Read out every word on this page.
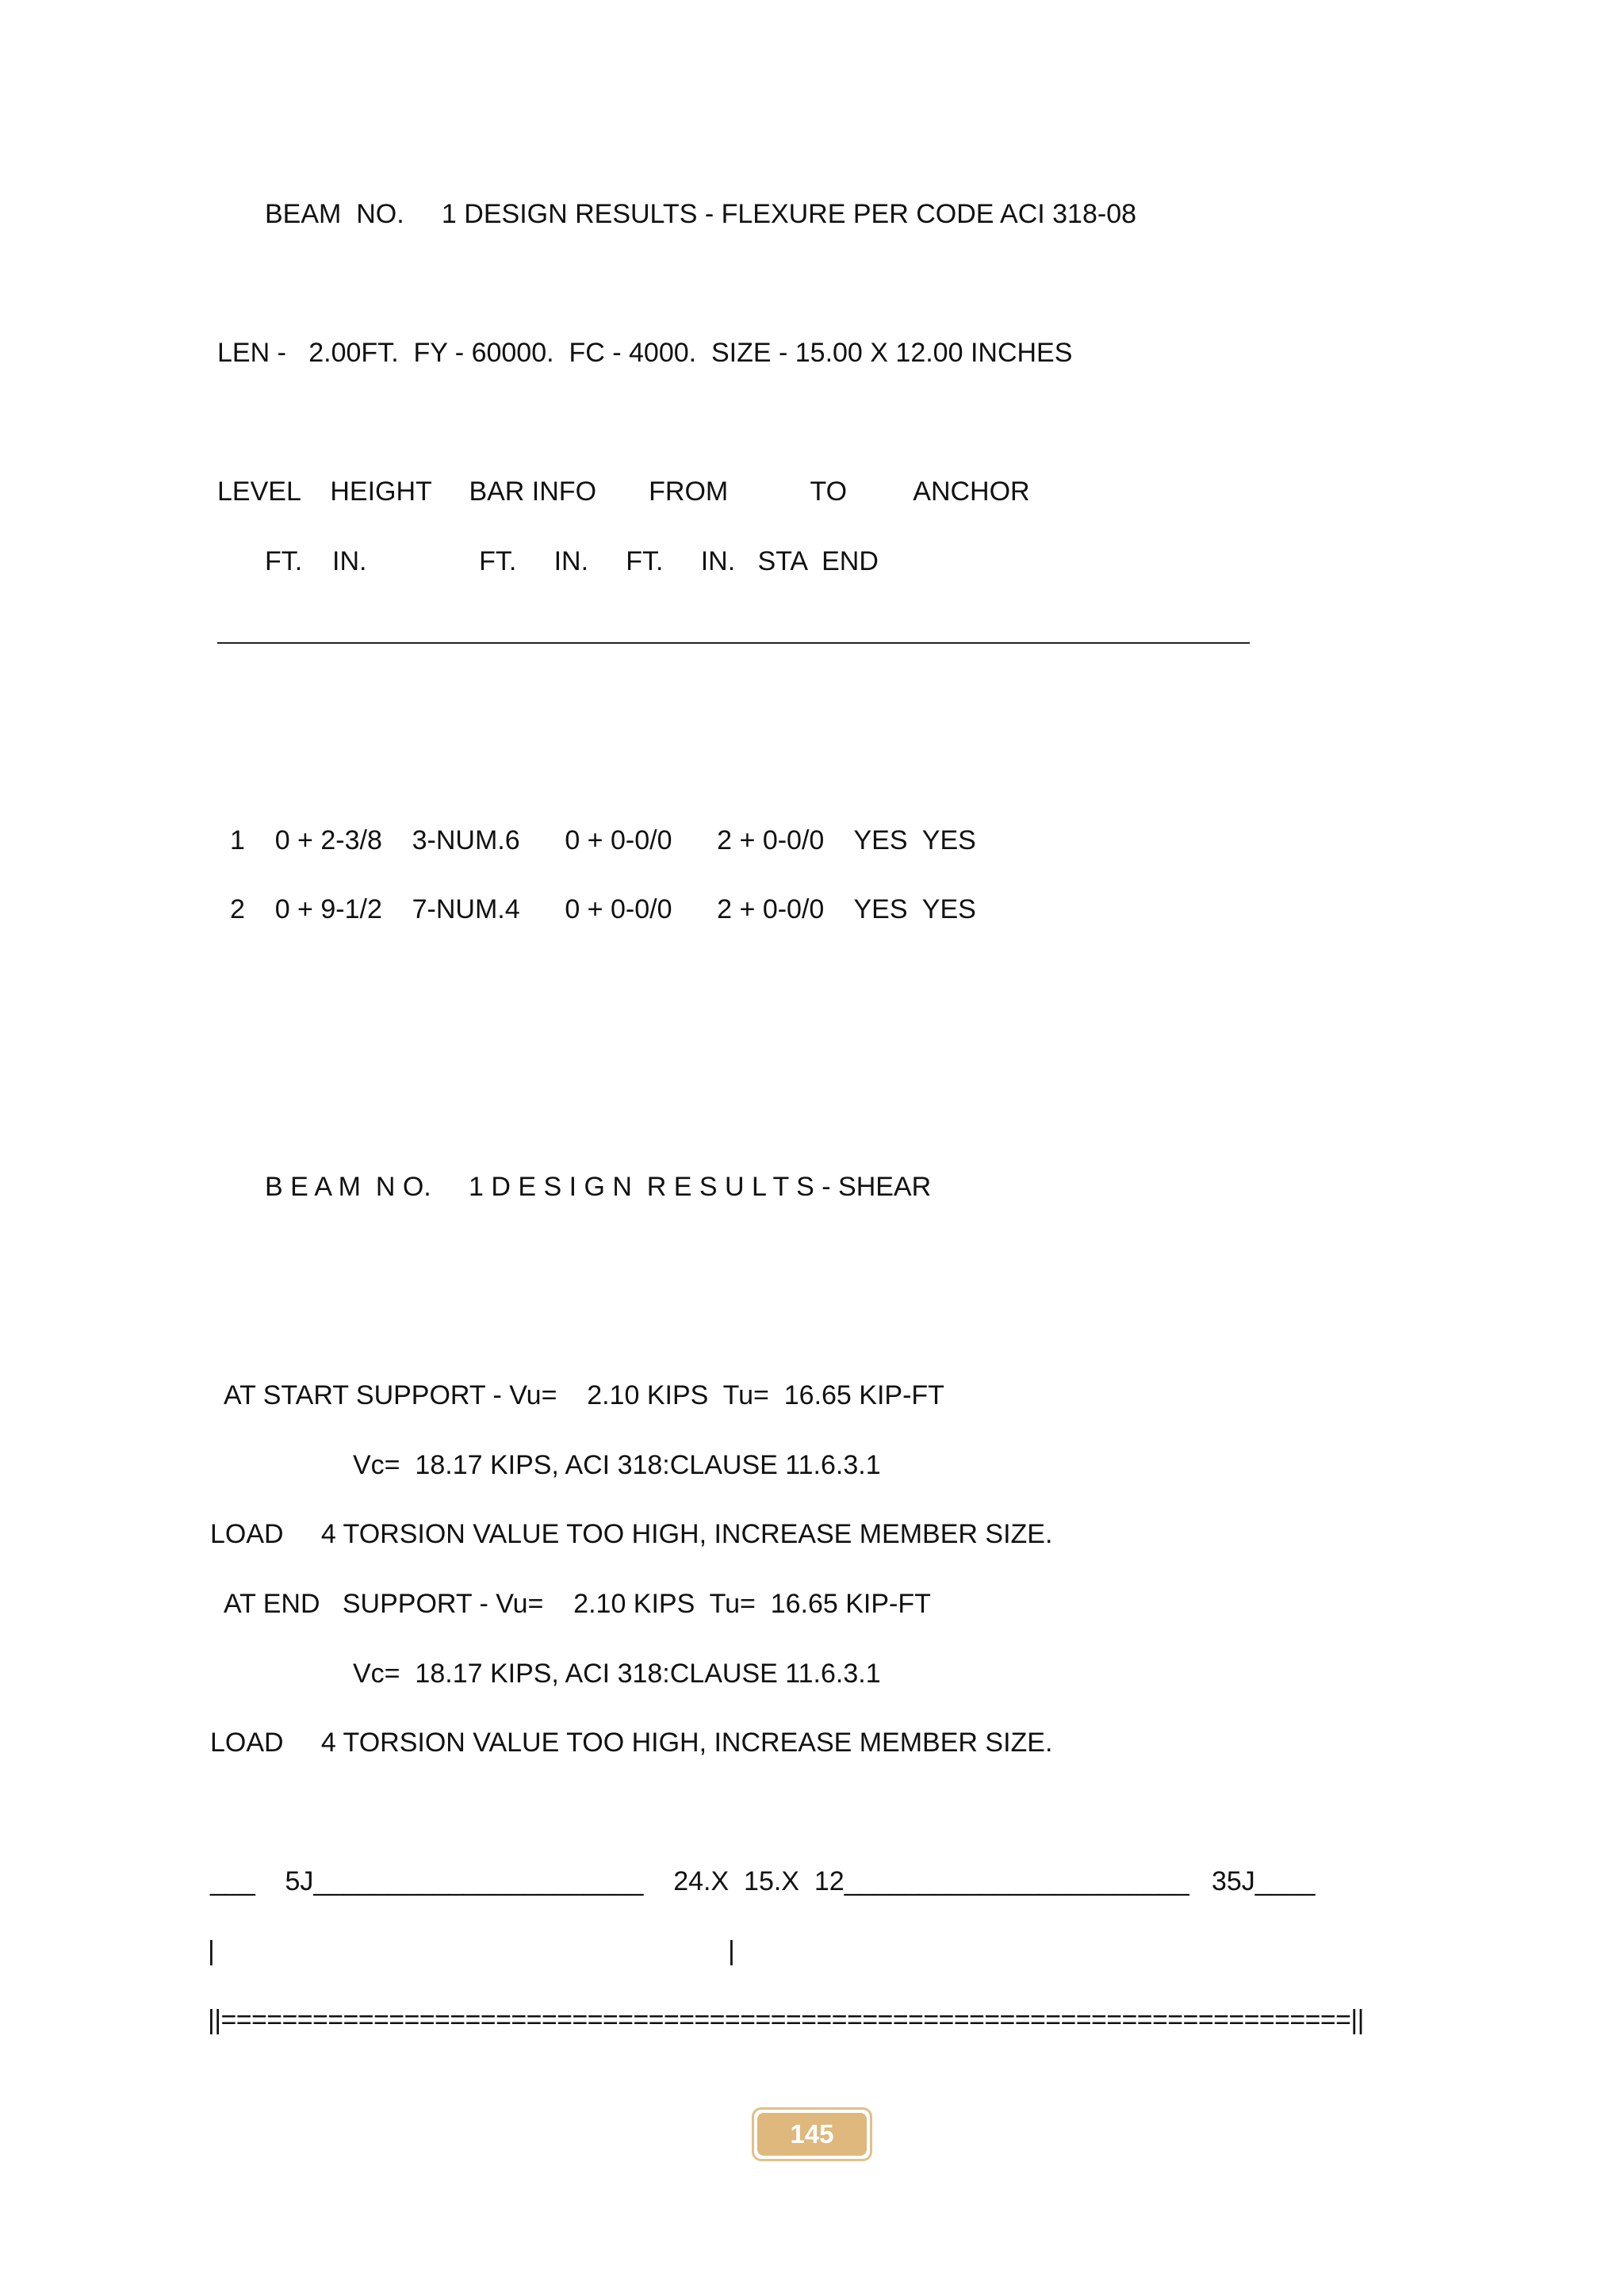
BEAM  NO.     1 DESIGN RESULTS - FLEXURE PER CODE ACI 318-08

LEN -   2.00FT.  FY - 60000.  FC - 4000.  SIZE - 15.00 X 12.00 INCHES

LEVEL    HEIGHT     BAR INFO       FROM           TO         ANCHOR

FT.    IN.               FT.     IN.     FT.     IN.   STA  END

1    0 + 2-3/8    3-NUM.6      0 + 0-0/0      2 + 0-0/0    YES  YES

2    0 + 9-1/2    7-NUM.4      0 + 0-0/0      2 + 0-0/0    YES  YES

B E A M  N O.     1 D E S I G N  R E S U L T S - SHEAR

AT START SUPPORT - Vu=    2.10 KIPS  Tu=  16.65 KIP-FT

Vc=  18.17 KIPS, ACI 318:CLAUSE 11.6.3.1

LOAD     4 TORSION VALUE TOO HIGH, INCREASE MEMBER SIZE.

AT END   SUPPORT - Vu=    2.10 KIPS  Tu=  16.65 KIP-FT

Vc=  18.17 KIPS, ACI 318:CLAUSE 11.6.3.1

LOAD     4 TORSION VALUE TOO HIGH, INCREASE MEMBER SIZE.

___    5J______________________    24.X  15.X  12_______________________   35J____

|	|

||==========================================================================||

145
